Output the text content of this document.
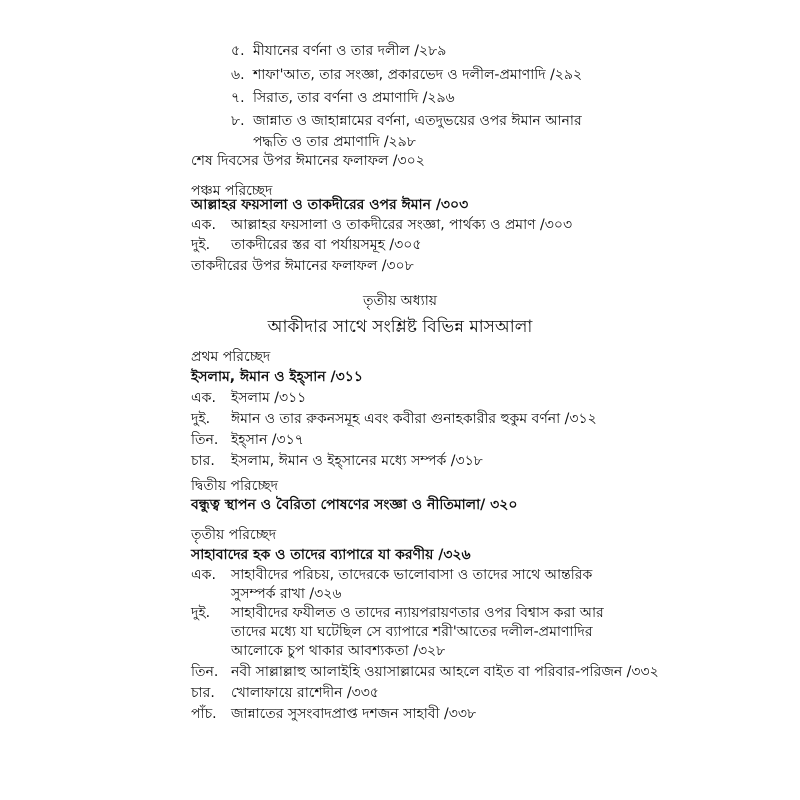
৫. মীযানের বর্ণনা ও তার দলীল /২৮৯
৬. শাফা'আত, তার সংজ্ঞা, প্রকারভেদ ও দলীল-প্রমাণাদি /২৯২
৭. সিরাত, তার বর্ণনা ও প্রমাণাদি /২৯৬
৮. জান্নাত ও জাহান্নামের বর্ণনা, এতদুভয়ের ওপর ঈমান আনার
পদ্ধতি ও তার প্রমাণাদি /২৯৮
শেষ দিবসের উপর ঈমানের ফলাফল /৩০২
পঞ্চম পরিচ্ছেদ
আল্লাহর ফয়সালা ও তাকদীরের ওপর ঈমান /৩০৩
এক. আল্লাহর ফয়সালা ও তাকদীরের সংজ্ঞা, পার্থক্য ও প্রমাণ /৩০৩
দুই. তাকদীরের স্তর বা পর্যায়সমূহ /৩০৫
তাকদীরের উপর ঈমানের ফলাফল /৩০৮
তৃতীয় অধ্যায়
আকীদার সাথে সংশ্লিষ্ট বিভিন্ন মাসআলা
প্রথম পরিচ্ছেদ
ইসলাম, ঈমান ও ইহ্সান /৩১১
এক. ইসলাম /৩১১
দুই. ঈমান ও তার রুকনসমূহ এবং কবীরা গুনাহকারীর হুকুম বর্ণনা /৩১২
তিন. ইহ্সান /৩১৭
চার. ইসলাম, ঈমান ও ইহ্সানের মধ্যে সম্পর্ক /৩১৮
দ্বিতীয় পরিচ্ছেদ
বন্ধুত্ব স্থাপন ও বৈরিতা পোষণের সংজ্ঞা ও নীতিমালা/ ৩২০
তৃতীয় পরিচ্ছেদ
সাহাবাদের হক ও তাদের ব্যাপারে যা করণীয় /৩২৬
এক. সাহাবীদের পরিচয়, তাদেরকে ভালোবাসা ও তাদের সাথে আন্তরিক
সুসম্পর্ক রাখা /৩২৬
দুই. সাহাবীদের ফযীলত ও তাদের ন্যায়পরায়ণতার ওপর বিশ্বাস করা আর
তাদের মধ্যে যা ঘটেছিল সে ব্যাপারে শরী'আতের দলীল-প্রমাণাদির
আলোকে চুপ থাকার আবশ্যকতা /৩২৮
তিন. নবী সাল্লাল্লাহু আলাইহি ওয়াসাল্লামের আহলে বাইত বা পরিবার-পরিজন /৩৩২
চার. খোলাফায়ে রাশেদীন /৩৩৫
পাঁচ. জান্নাতের সুসংবাদপ্রাপ্ত দশজন সাহাবী /৩৩৮
